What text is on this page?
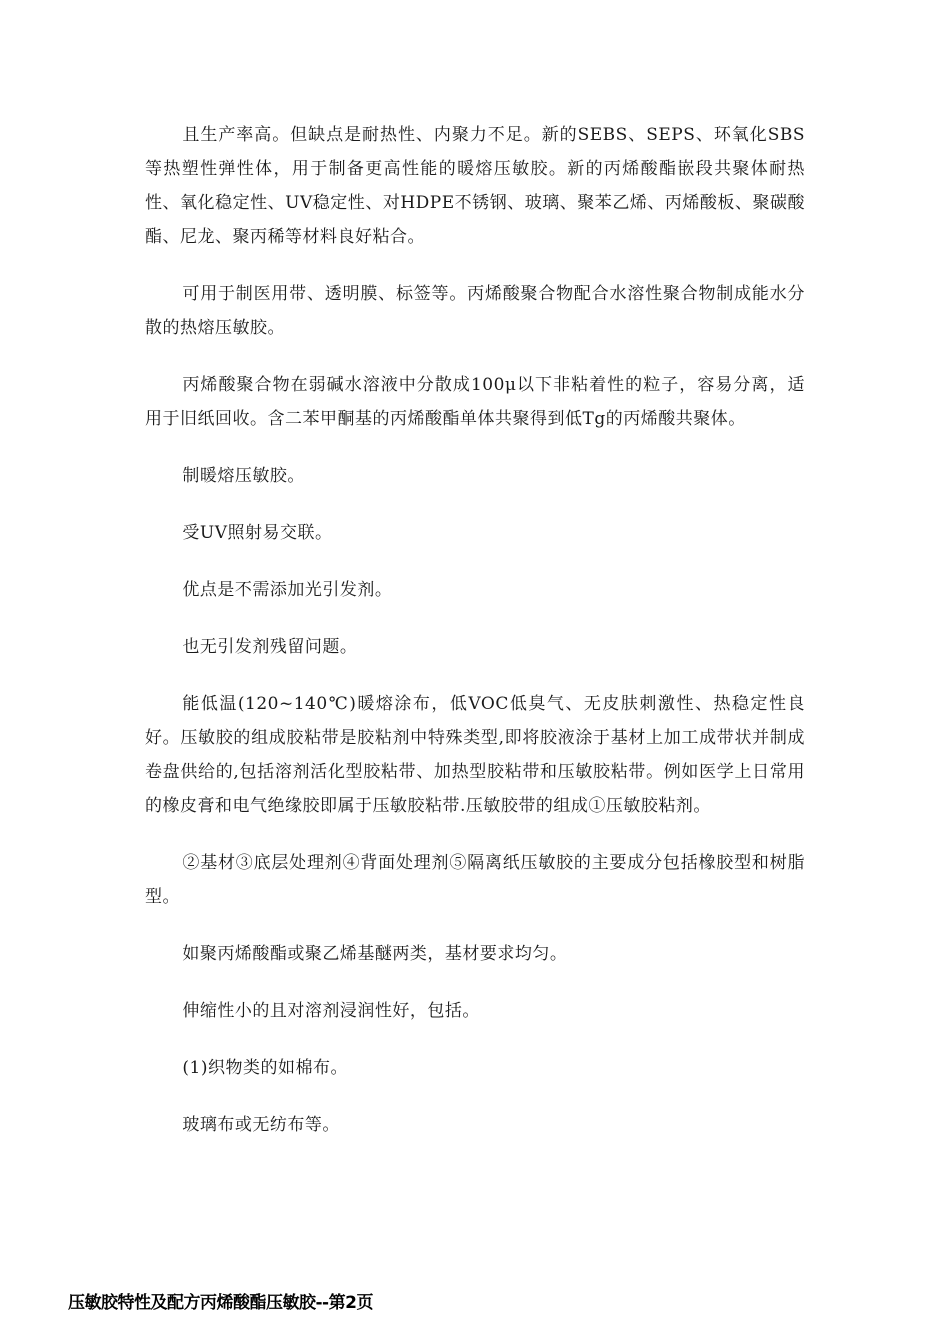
且生产率高。但缺点是耐热性、内聚力不足。新的SEBS、SEPS、环氧化SBS等热塑性弹性体，用于制备更高性能的暖熔压敏胶。新的丙烯酸酯嵌段共聚体耐热性、氧化稳定性、UV稳定性、对HDPE不锈钢、玻璃、聚苯乙烯、丙烯酸板、聚碳酸酯、尼龙、聚丙稀等材料良好粘合。

可用于制医用带、透明膜、标签等。丙烯酸聚合物配合水溶性聚合物制成能水分散的热熔压敏胶。

丙烯酸聚合物在弱碱水溶液中分散成100μ以下非粘着性的粒子，容易分离，适用于旧纸回收。含二苯甲酮基的丙烯酸酯单体共聚得到低Tg的丙烯酸共聚体。

制暖熔压敏胶。

受UV照射易交联。

优点是不需添加光引发剂。

也无引发剂残留问题。

能低温(120~140℃)暖熔涂布，低VOC低臭气、无皮肤刺激性、热稳定性良好。压敏胶的组成胶粘带是胶粘剂中特殊类型,即将胶液涂于基材上加工成带状并制成卷盘供给的,包括溶剂活化型胶粘带、加热型胶粘带和压敏胶粘带。例如医学上日常用的橡皮膏和电气绝缘胶即属于压敏胶粘带.压敏胶带的组成①压敏胶粘剂。

②基材③底层处理剂④背面处理剂⑤隔离纸压敏胶的主要成分包括橡胶型和树脂型。

如聚丙烯酸酯或聚乙烯基醚两类，基材要求均匀。

伸缩性小的且对溶剂浸润性好，包括。

(1)织物类的如棉布。

玻璃布或无纺布等。

压敏胶特性及配方丙烯酸酯压敏胶--第2页
